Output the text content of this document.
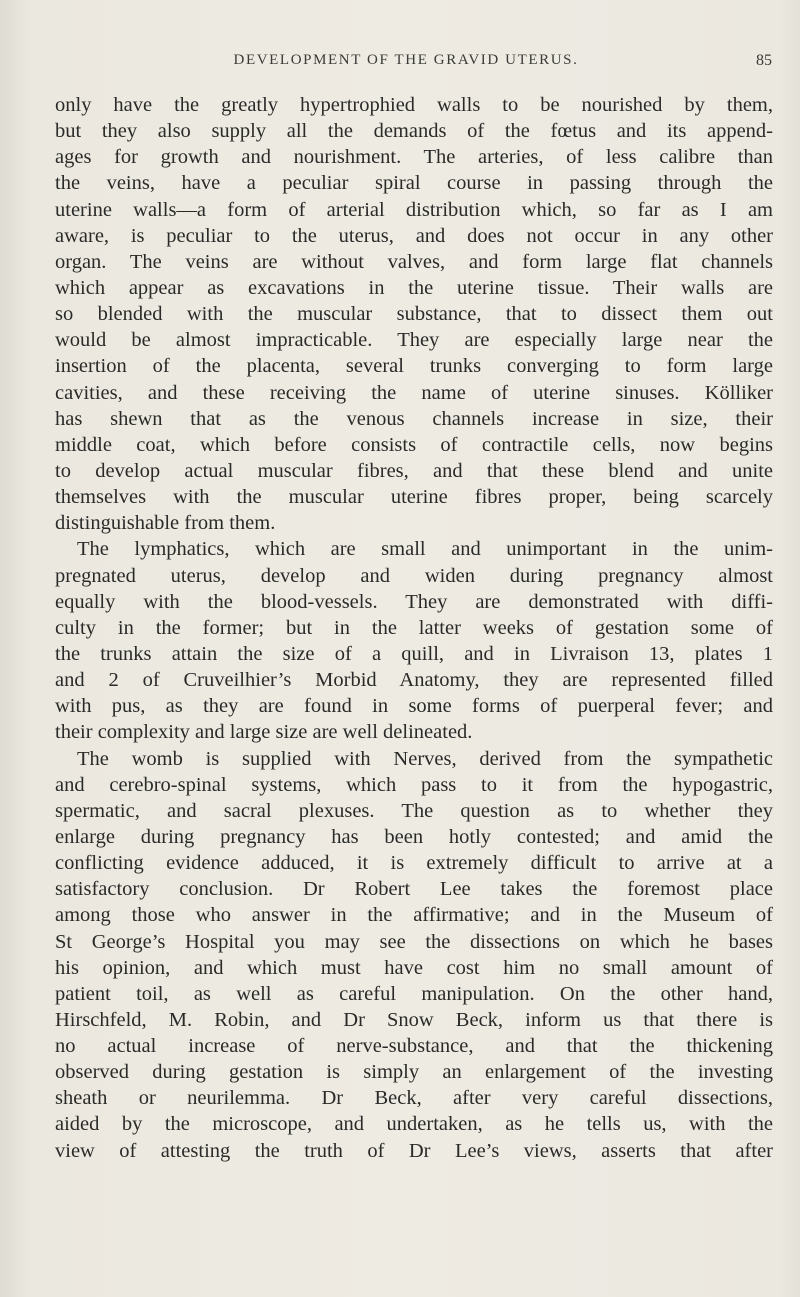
DEVELOPMENT OF THE GRAVID UTERUS.	85
only have the greatly hypertrophied walls to be nourished by them,
but they also supply all the demands of the fœtus and its append-
ages for growth and nourishment. The arteries, of less calibre than
the veins, have a peculiar spiral course in passing through the
uterine walls—a form of arterial distribution which, so far as I am
aware, is peculiar to the uterus, and does not occur in any other
organ. The veins are without valves, and form large flat channels
which appear as excavations in the uterine tissue. Their walls are
so blended with the muscular substance, that to dissect them out
would be almost impracticable. They are especially large near the
insertion of the placenta, several trunks converging to form large
cavities, and these receiving the name of uterine sinuses. Kölliker
has shewn that as the venous channels increase in size, their
middle coat, which before consists of contractile cells, now begins
to develop actual muscular fibres, and that these blend and unite
themselves with the muscular uterine fibres proper, being scarcely
distinguishable from them.
The lymphatics, which are small and unimportant in the unim-
pregnated uterus, develop and widen during pregnancy almost
equally with the blood-vessels. They are demonstrated with diffi-
culty in the former; but in the latter weeks of gestation some of
the trunks attain the size of a quill, and in Livraison 13, plates 1
and 2 of Cruveilhier’s Morbid Anatomy, they are represented filled
with pus, as they are found in some forms of puerperal fever; and
their complexity and large size are well delineated.
The womb is supplied with Nerves, derived from the sympathetic
and cerebro-spinal systems, which pass to it from the hypogastric,
spermatic, and sacral plexuses. The question as to whether they
enlarge during pregnancy has been hotly contested; and amid the
conflicting evidence adduced, it is extremely difficult to arrive at a
satisfactory conclusion. Dr Robert Lee takes the foremost place
among those who answer in the affirmative; and in the Museum of
St George’s Hospital you may see the dissections on which he bases
his opinion, and which must have cost him no small amount of
patient toil, as well as careful manipulation. On the other hand,
Hirschfeld, M. Robin, and Dr Snow Beck, inform us that there is
no actual increase of nerve-substance, and that the thickening
observed during gestation is simply an enlargement of the investing
sheath or neurilemma. Dr Beck, after very careful dissections,
aided by the microscope, and undertaken, as he tells us, with the
view of attesting the truth of Dr Lee’s views, asserts that after
